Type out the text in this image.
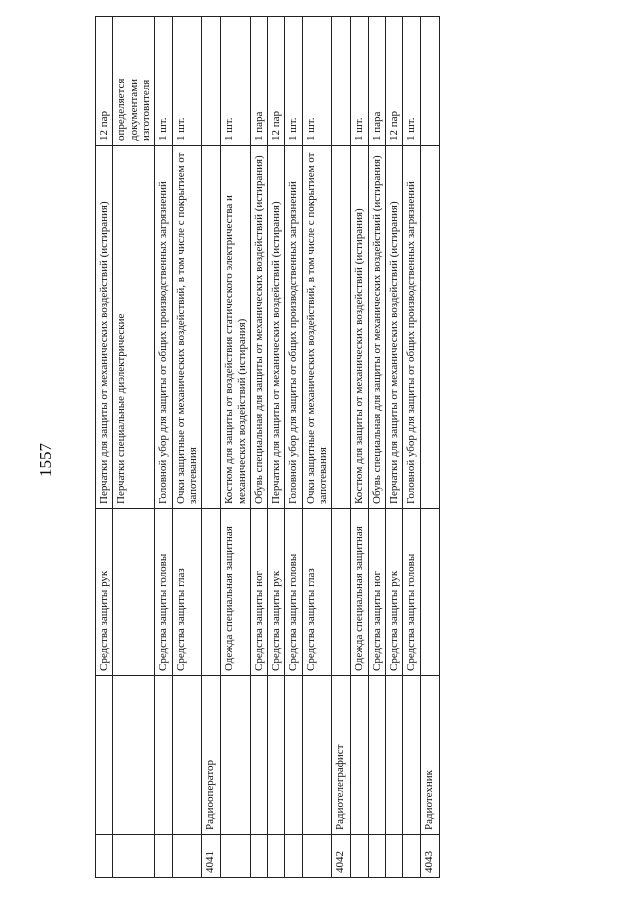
1557
		Средства защиты рук	Перчатки для защиты от механических воздействий (истирания)	12 пар
			Перчатки специальные диэлектрические	определяется документами изготовителя
		Средства защиты головы	Головной убор для защиты от общих производственных загрязнений	1 шт.
		Средства защиты глаз	Очки защитные от механических воздействий, в том числе с покрытием от запотевания	1 шт.
4041	Радиооператор			
		Одежда специальная защитная	Костюм для защиты от воздействия статического электричества и механических воздействий (истирания)	1 шт.
		Средства защиты ног	Обувь специальная для защиты от механических воздействий (истирания)	1 пара
		Средства защиты рук	Перчатки для защиты от механических воздействий (истирания)	12 пар
		Средства защиты головы	Головной убор для защиты от общих производственных загрязнений	1 шт.
		Средства защиты глаз	Очки защитные от механических воздействий, в том числе с покрытием от запотевания	1 шт.
4042	Радиотелеграфист			
		Одежда специальная защитная	Костюм для защиты от механических воздействий (истирания)	1 шт.
		Средства защиты ног	Обувь специальная для защиты от механических воздействий (истирания)	1 пара
		Средства защиты рук	Перчатки для защиты от механических воздействий (истирания)	12 пар
		Средства защиты головы	Головной убор для защиты от общих производственных загрязнений	1 шт.
4043	Радиотехник			
